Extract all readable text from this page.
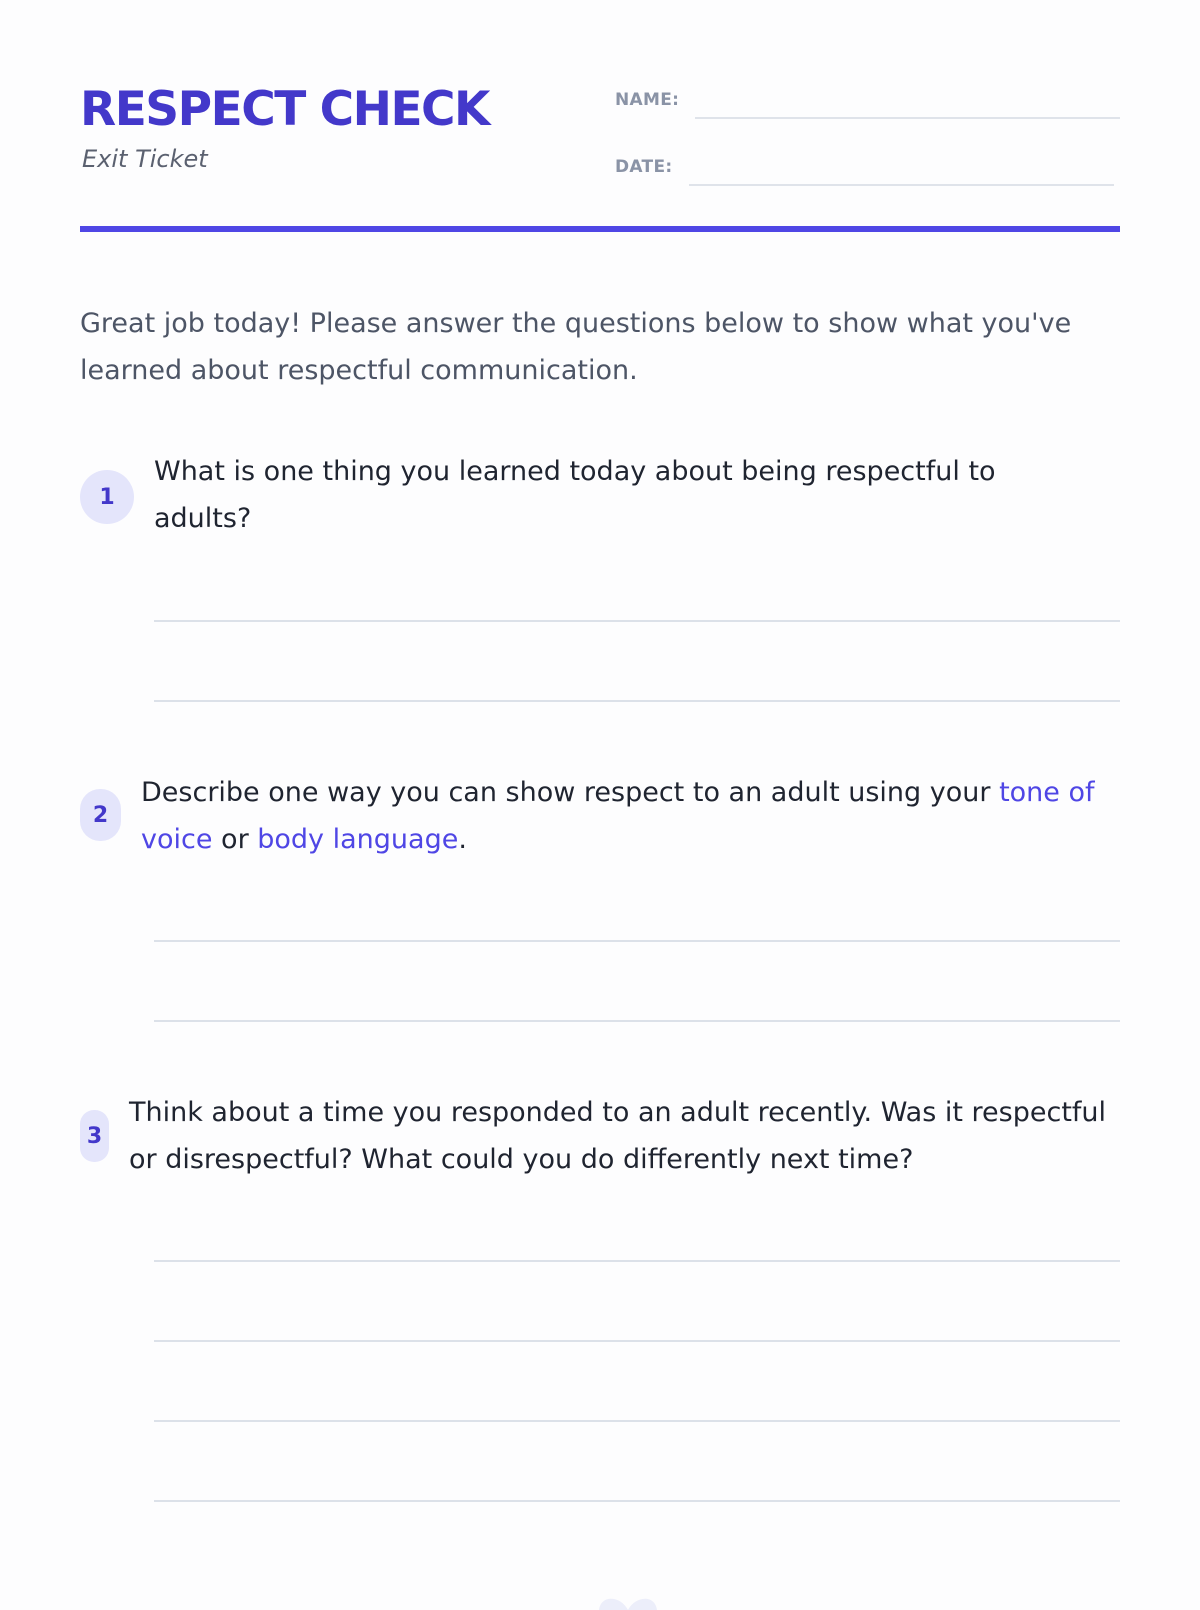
RESPECT CHECK
Exit Ticket
NAME:
DATE:

Great job today! Please answer the questions below to show what you've learned about respectful communication.

1

What is one thing you learned today about being respectful to adults?

2

Describe one way you can show respect to an adult using your tone of voice or body language.

3

Think about a time you responded to an adult recently. Was it respectful or disrespectful? What could you do differently next time?
